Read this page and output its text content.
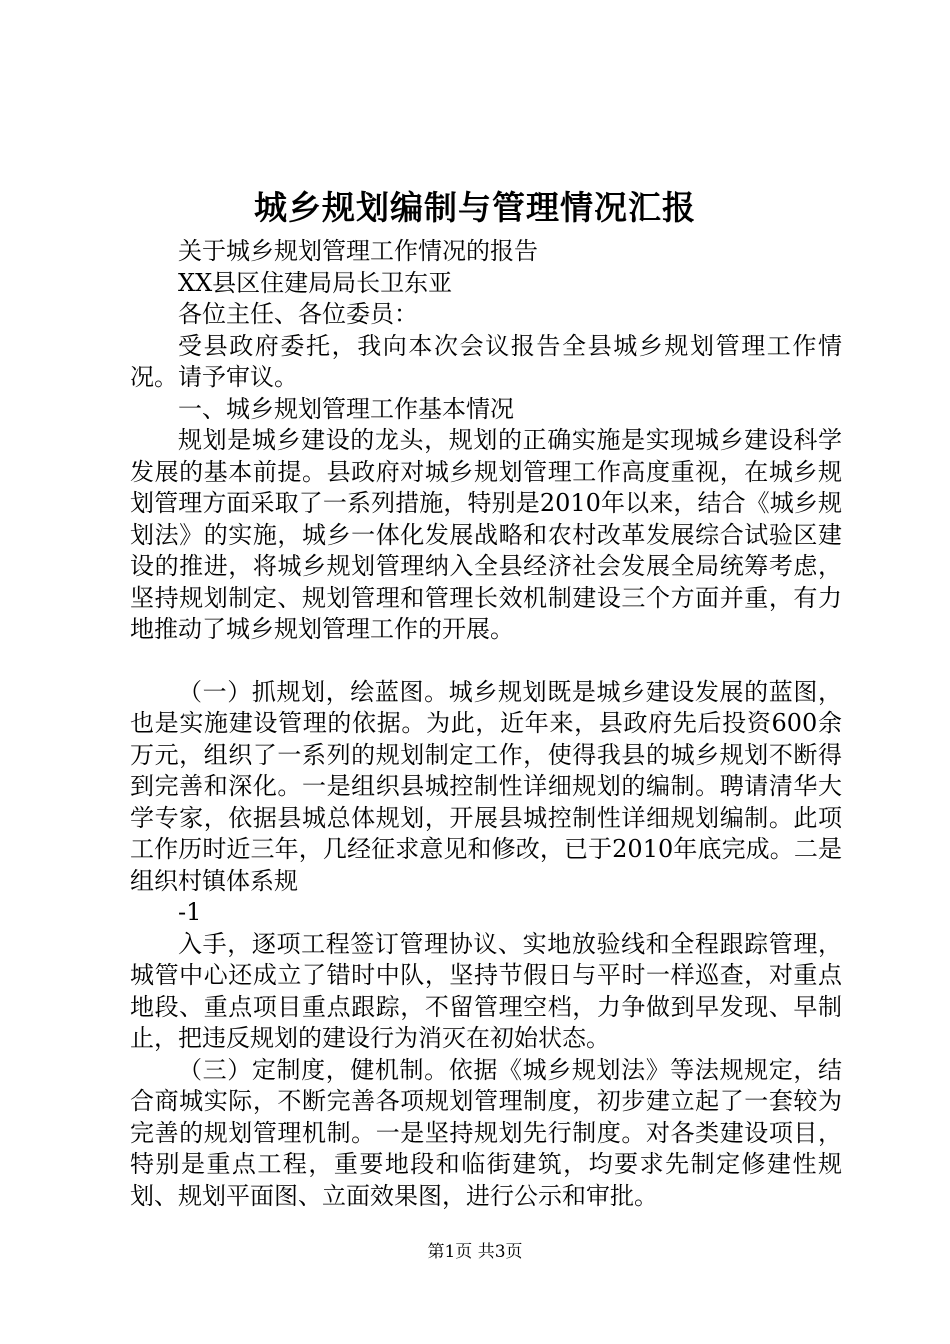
城乡规划编制与管理情况汇报

关于城乡规划管理工作情况的报告

XX县区住建局局长卫东亚

各位主任、各位委员：

受县政府委托，我向本次会议报告全县城乡规划管理工作情况。请予审议。

一、城乡规划管理工作基本情况

规划是城乡建设的龙头，规划的正确实施是实现城乡建设科学发展的基本前提。县政府对城乡规划管理工作高度重视，在城乡规划管理方面采取了一系列措施，特别是2010年以来，结合《城乡规划法》的实施，城乡一体化发展战略和农村改革发展综合试验区建设的推进，将城乡规划管理纳入全县经济社会发展全局统筹考虑，坚持规划制定、规划管理和管理长效机制建设三个方面并重，有力地推动了城乡规划管理工作的开展。

（一）抓规划，绘蓝图。城乡规划既是城乡建设发展的蓝图，也是实施建设管理的依据。为此，近年来，县政府先后投资600余万元，组织了一系列的规划制定工作，使得我县的城乡规划不断得到完善和深化。一是组织县城控制性详细规划的编制。聘请清华大学专家，依据县城总体规划，开展县城控制性详细规划编制。此项工作历时近三年，几经征求意见和修改，已于2010年底完成。二是组织村镇体系规

-1

入手，逐项工程签订管理协议、实地放验线和全程跟踪管理，城管中心还成立了错时中队，坚持节假日与平时一样巡查，对重点地段、重点项目重点跟踪，不留管理空档，力争做到早发现、早制止，把违反规划的建设行为消灭在初始状态。

（三）定制度，健机制。依据《城乡规划法》等法规规定，结合商城实际，不断完善各项规划管理制度，初步建立起了一套较为完善的规划管理机制。一是坚持规划先行制度。对各类建设项目，特别是重点工程，重要地段和临街建筑，均要求先制定修建性规划、规划平面图、立面效果图，进行公示和审批。

第1页 共3页
